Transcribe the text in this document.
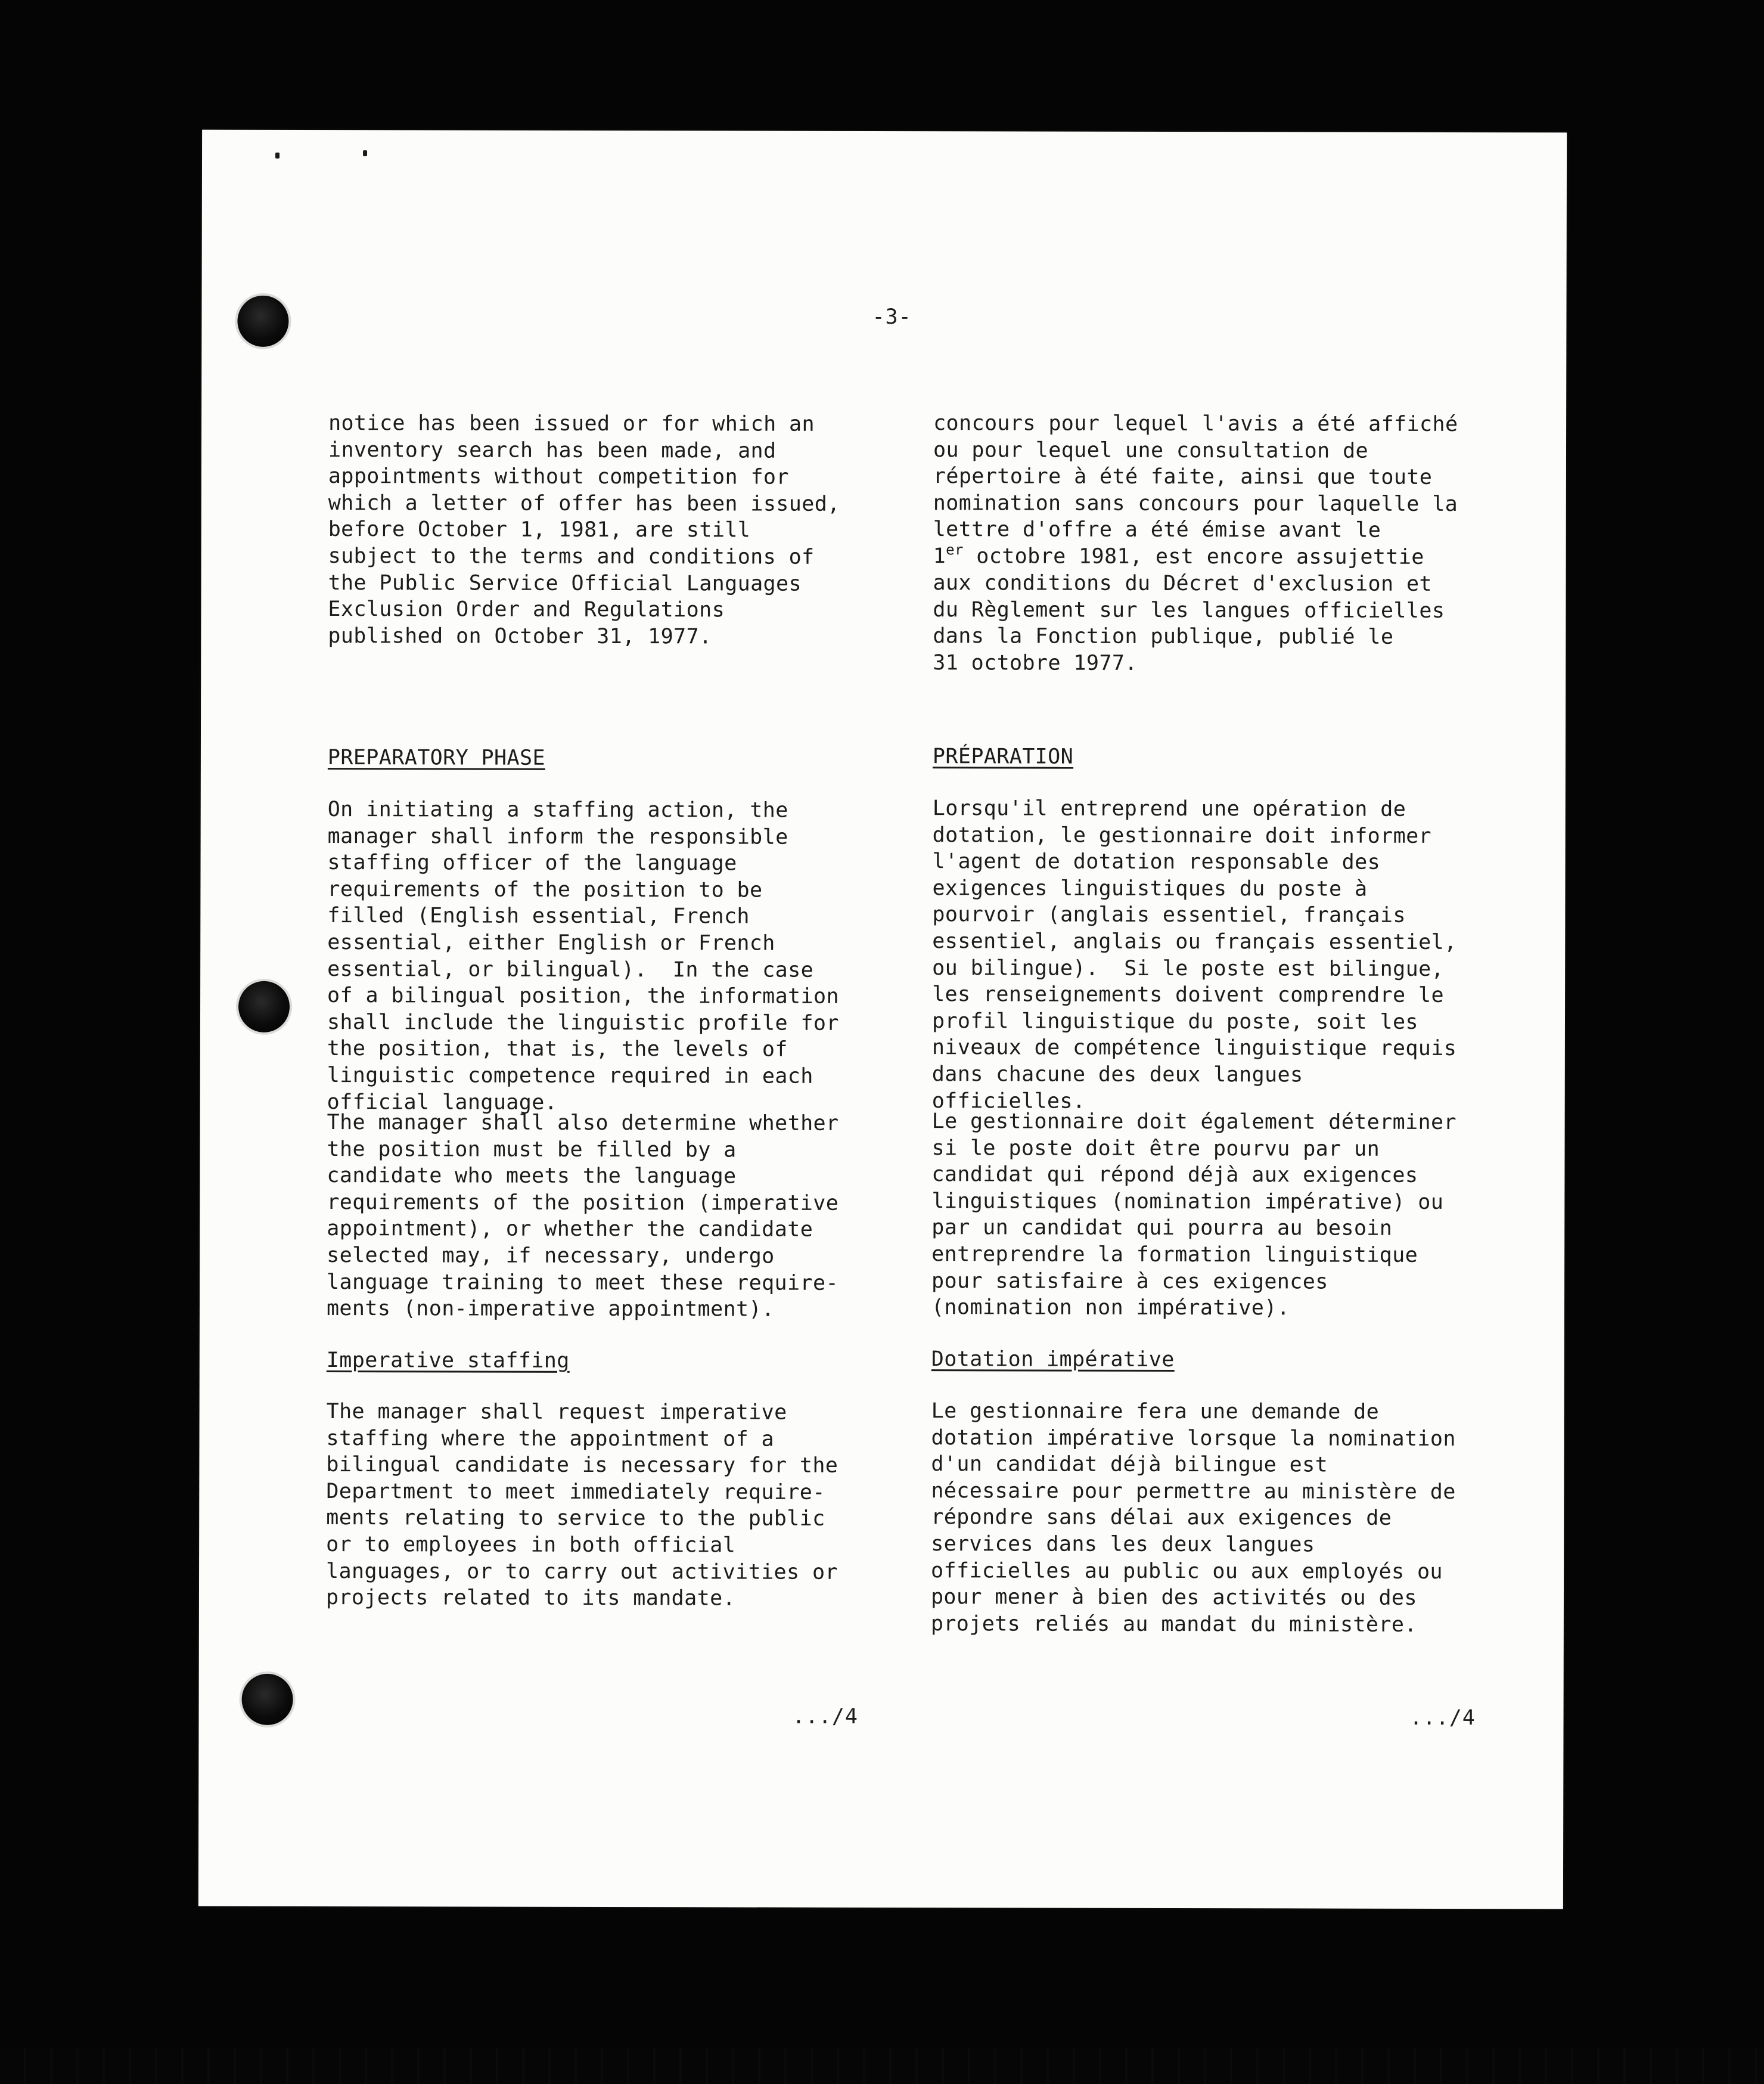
-3-

notice has been issued or for which an
inventory search has been made, and
appointments without competition for
which a letter of offer has been issued,
before October 1, 1981, are still
subject to the terms and conditions of
the Public Service Official Languages
Exclusion Order and Regulations
published on October 31, 1977.

PREPARATORY PHASE

On initiating a staffing action, the
manager shall inform the responsible
staffing officer of the language
requirements of the position to be
filled (English essential, French
essential, either English or French
essential, or bilingual).  In the case
of a bilingual position, the information
shall include the linguistic profile for
the position, that is, the levels of
linguistic competence required in each
official language.

The manager shall also determine whether
the position must be filled by a
candidate who meets the language
requirements of the position (imperative
appointment), or whether the candidate
selected may, if necessary, undergo
language training to meet these require-
ments (non-imperative appointment).

Imperative staffing

The manager shall request imperative
staffing where the appointment of a
bilingual candidate is necessary for the
Department to meet immediately require-
ments relating to service to the public
or to employees in both official
languages, or to carry out activities or
projects related to its mandate.

concours pour lequel l'avis a été affiché
ou pour lequel une consultation de
répertoire à été faite, ainsi que toute
nomination sans concours pour laquelle la
lettre d'offre a été émise avant le

1er octobre 1981, est encore assujettie

aux conditions du Décret d'exclusion et
du Règlement sur les langues officielles
dans la Fonction publique, publié le
31 octobre 1977.

PRÉPARATION

Lorsqu'il entreprend une opération de
dotation, le gestionnaire doit informer
l'agent de dotation responsable des
exigences linguistiques du poste à
pourvoir (anglais essentiel, français
essentiel, anglais ou français essentiel,
ou bilingue).  Si le poste est bilingue,
les renseignements doivent comprendre le
profil linguistique du poste, soit les
niveaux de compétence linguistique requis
dans chacune des deux langues
officielles.

Le gestionnaire doit également déterminer
si le poste doit être pourvu par un
candidat qui répond déjà aux exigences
linguistiques (nomination impérative) ou
par un candidat qui pourra au besoin
entreprendre la formation linguistique
pour satisfaire à ces exigences
(nomination non impérative).

Dotation impérative

Le gestionnaire fera une demande de
dotation impérative lorsque la nomination
d'un candidat déjà bilingue est
nécessaire pour permettre au ministère de
répondre sans délai aux exigences de
services dans les deux langues
officielles au public ou aux employés ou
pour mener à bien des activités ou des
projets reliés au mandat du ministère.

.../4	.../4
